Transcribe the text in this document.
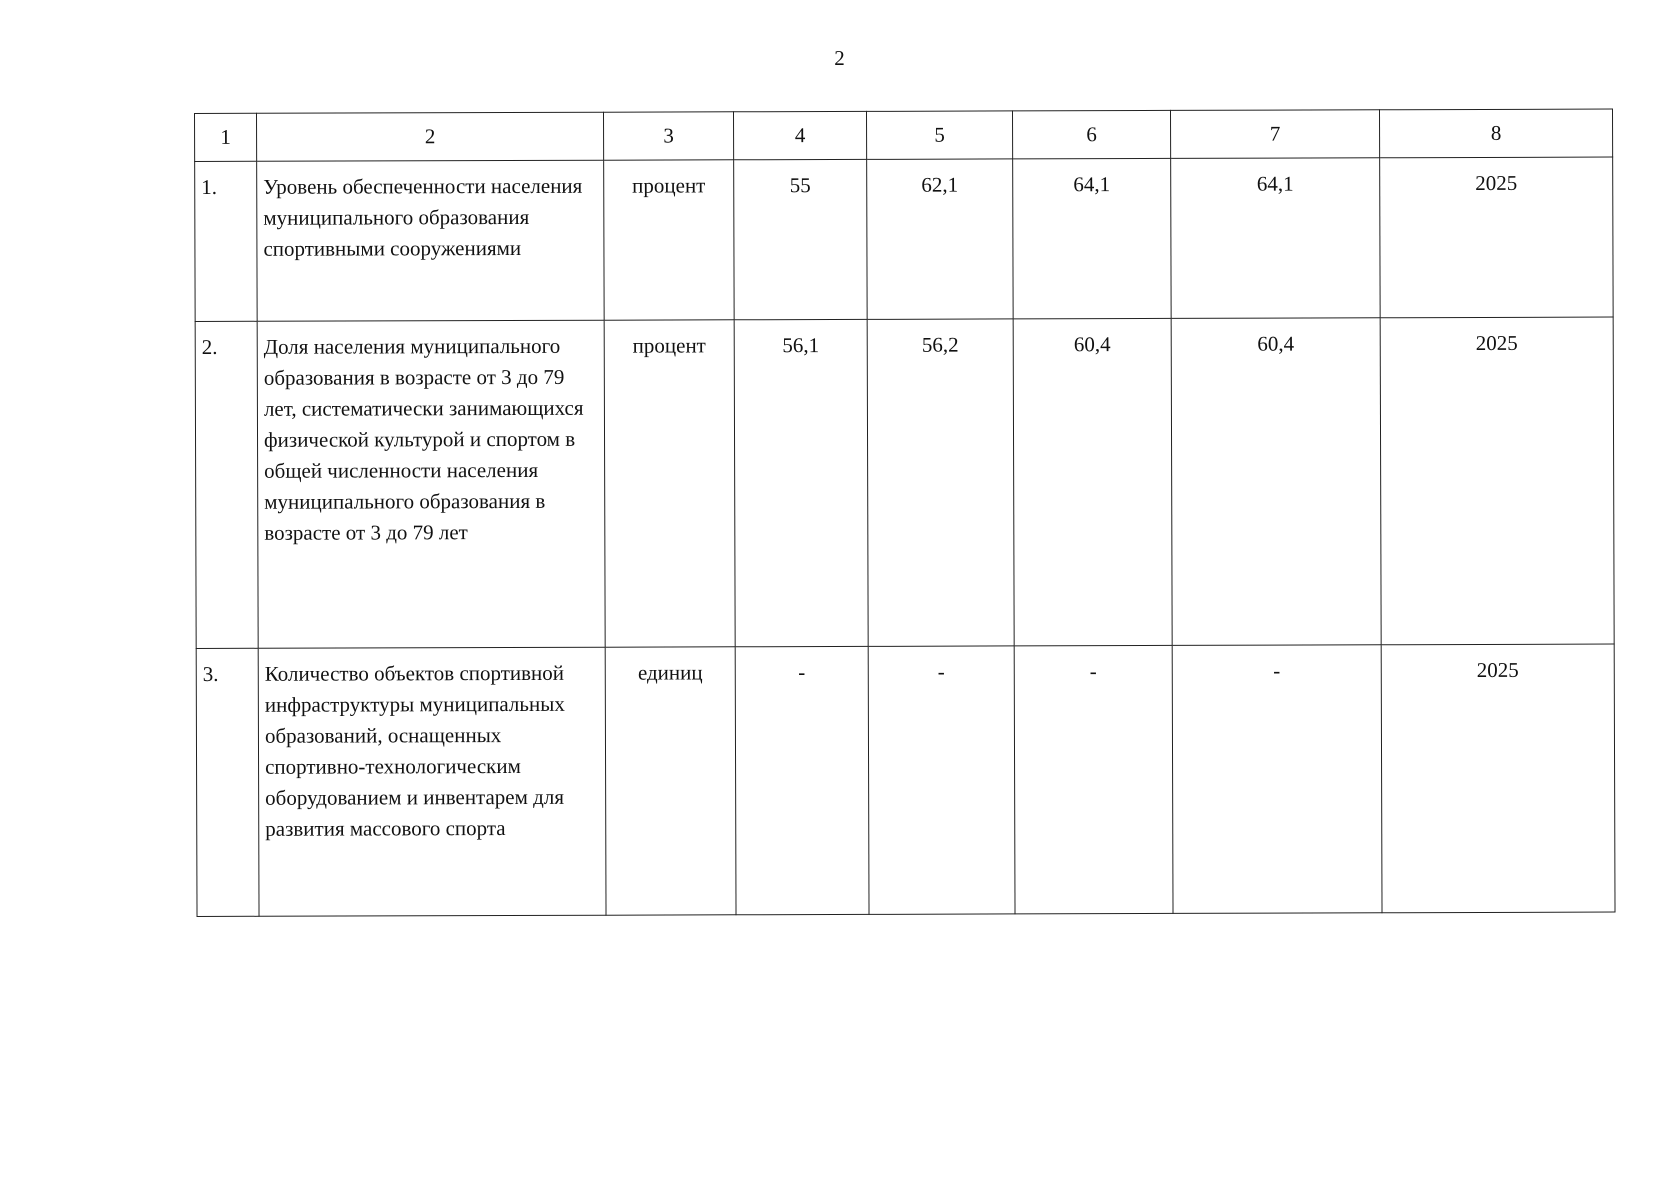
2
1	2	3	4	5	6	7	8
1.	Уровень обеспеченности населения муниципального образования спортивными сооружениями	процент	55	62,1	64,1	64,1	2025
2.	Доля населения муниципального образования в возрасте от 3 до 79 лет, систематически занимающихся физической культурой и спортом в общей численности населения муниципального образования в возрасте от 3 до 79 лет	процент	56,1	56,2	60,4	60,4	2025
3.	Количество объектов спортивной инфраструктуры муниципальных образований, оснащенных спортивно-технологическим оборудованием и инвентарем для развития массового спорта	единиц	-	-	-	-	2025
